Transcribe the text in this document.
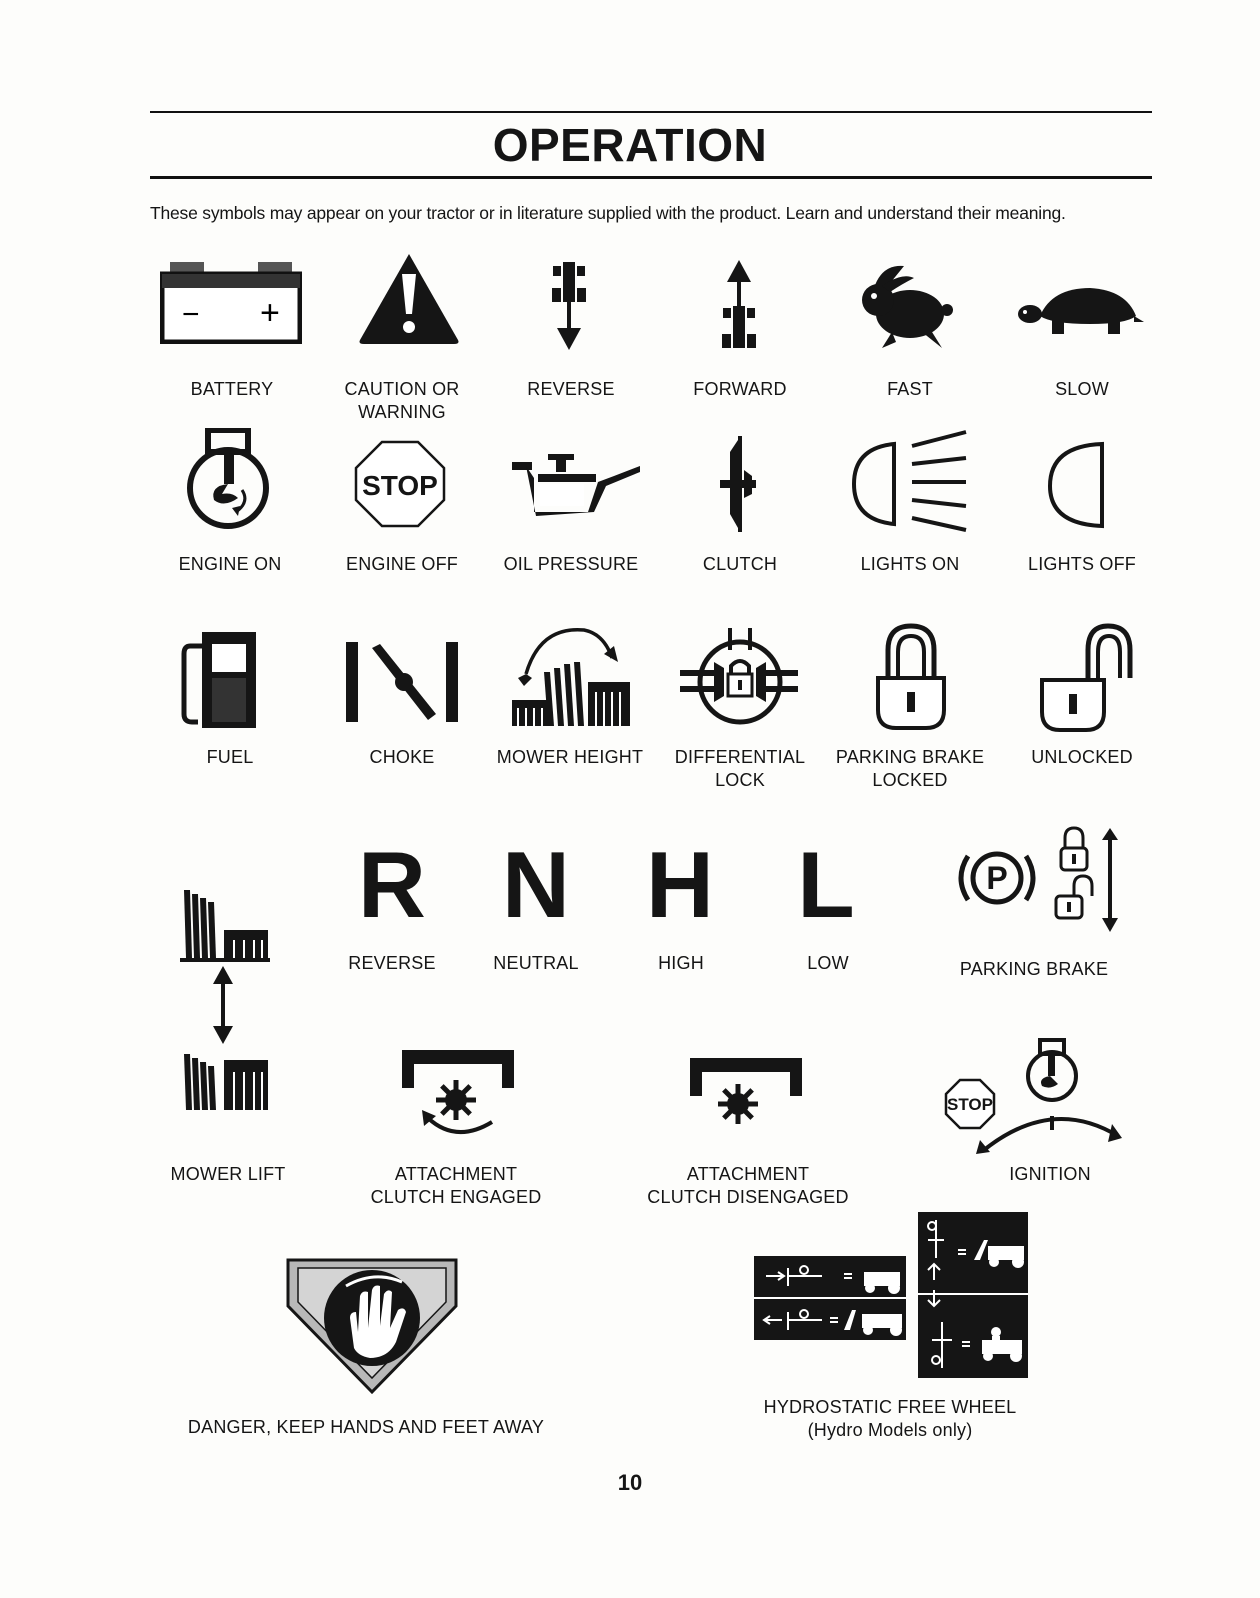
OPERATION
These symbols may appear on your tractor or in literature supplied with the product. Learn and understand their meaning.
− +
BATTERY	CAUTION OR
WARNING
REVERSE	FORWARD	FAST	SLOW
STOP
ENGINE ON	ENGINE OFF	OIL PRESSURE	CLUTCH	LIGHTS ON	LIGHTS OFF
FUEL	CHOKE	MOWER HEIGHT DIFFERENTIAL
LOCK
PARKING BRAKE
LOCKED
UNLOCKED
R N H L	P
REVERSE	NEUTRAL	HIGH	LOW	PARKING BRAKE
STOP
MOWER LIFT	ATTACHMENT
CLUTCH ENGAGED
ATTACHMENT
CLUTCH DISENGAGED
IGNITION
DANGER, KEEP HANDS AND FEET AWAY
HYDROSTATIC FREE WHEEL
(Hydro Models only)
10
